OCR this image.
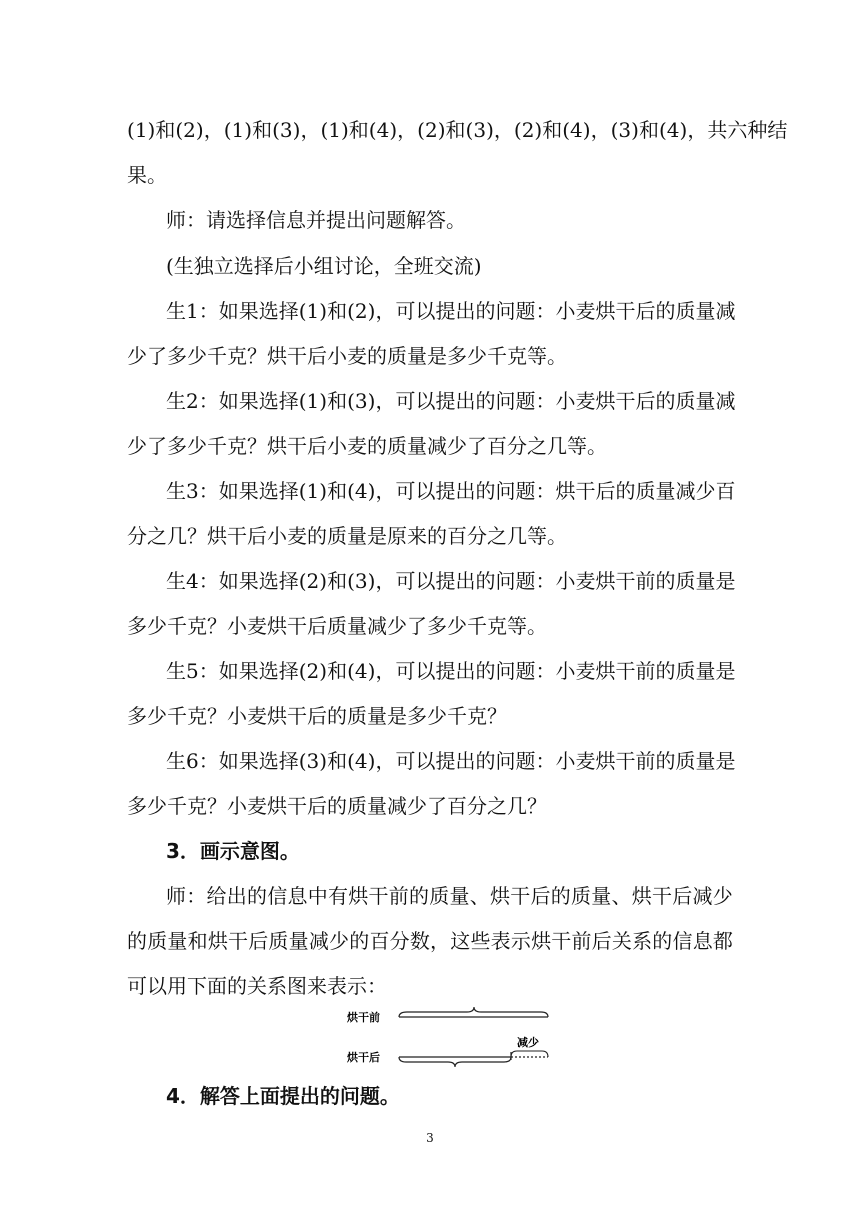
( 1 ) 和 ( 2 ) ， ( 1 ) 和 ( 3 ) ， ( 1 ) 和 ( 4 ) ， ( 2 ) 和 ( 3 ) ， ( 2 ) 和 ( 4 ) ， ( 3 ) 和 ( 4 ) ， 共 六 种 结
果。
师：请选择信息并提出问题解答。
(生独立选择后小组讨论，全班交流)
生 1 ： 如 果 选 择 ( 1 ) 和 ( 2 ) ， 可 以 提 出 的 问 题 ： 小 麦 烘 干 后 的 质 量 减
少了多少千克？烘干后小麦的质量是多少千克等。
生 2 ： 如 果 选 择 ( 1 ) 和 ( 3 ) ， 可 以 提 出 的 问 题 ： 小 麦 烘 干 后 的 质 量 减
少了多少千克？烘干后小麦的质量减少了百分之几等。
生 3 ： 如 果 选 择 ( 1 ) 和 ( 4 ) ， 可 以 提 出 的 问 题 ： 烘 干 后 的 质 量 减 少 百
分之几？烘干后小麦的质量是原来的百分之几等。
生 4 ： 如 果 选 择 ( 2 ) 和 ( 3 ) ， 可 以 提 出 的 问 题 ： 小 麦 烘 干 前 的 质 量 是
多少千克？小麦烘干后质量减少了多少千克等。
生 5 ： 如 果 选 择 ( 2 ) 和 ( 4 ) ， 可 以 提 出 的 问 题 ： 小 麦 烘 干 前 的 质 量 是
多少千克？小麦烘干后的质量是多少千克？
生 6 ： 如 果 选 择 ( 3 ) 和 ( 4 ) ， 可 以 提 出 的 问 题 ： 小 麦 烘 干 前 的 质 量 是
多少千克？小麦烘干后的质量减少了百分之几？
3．画示意图。
师 ： 给 出 的 信 息 中 有 烘 干 前 的 质 量 、 烘 干 后 的 质 量 、 烘 干 后 减 少
的 质 量 和 烘 干 后 质 量 减 少 的 百 分 数 ， 这 些 表 示 烘 干 前 后 关 系 的 信 息 都
可以用下面的关系图来表示：
4．解答上面提出的问题。
烘干前
烘干后
减少
3
